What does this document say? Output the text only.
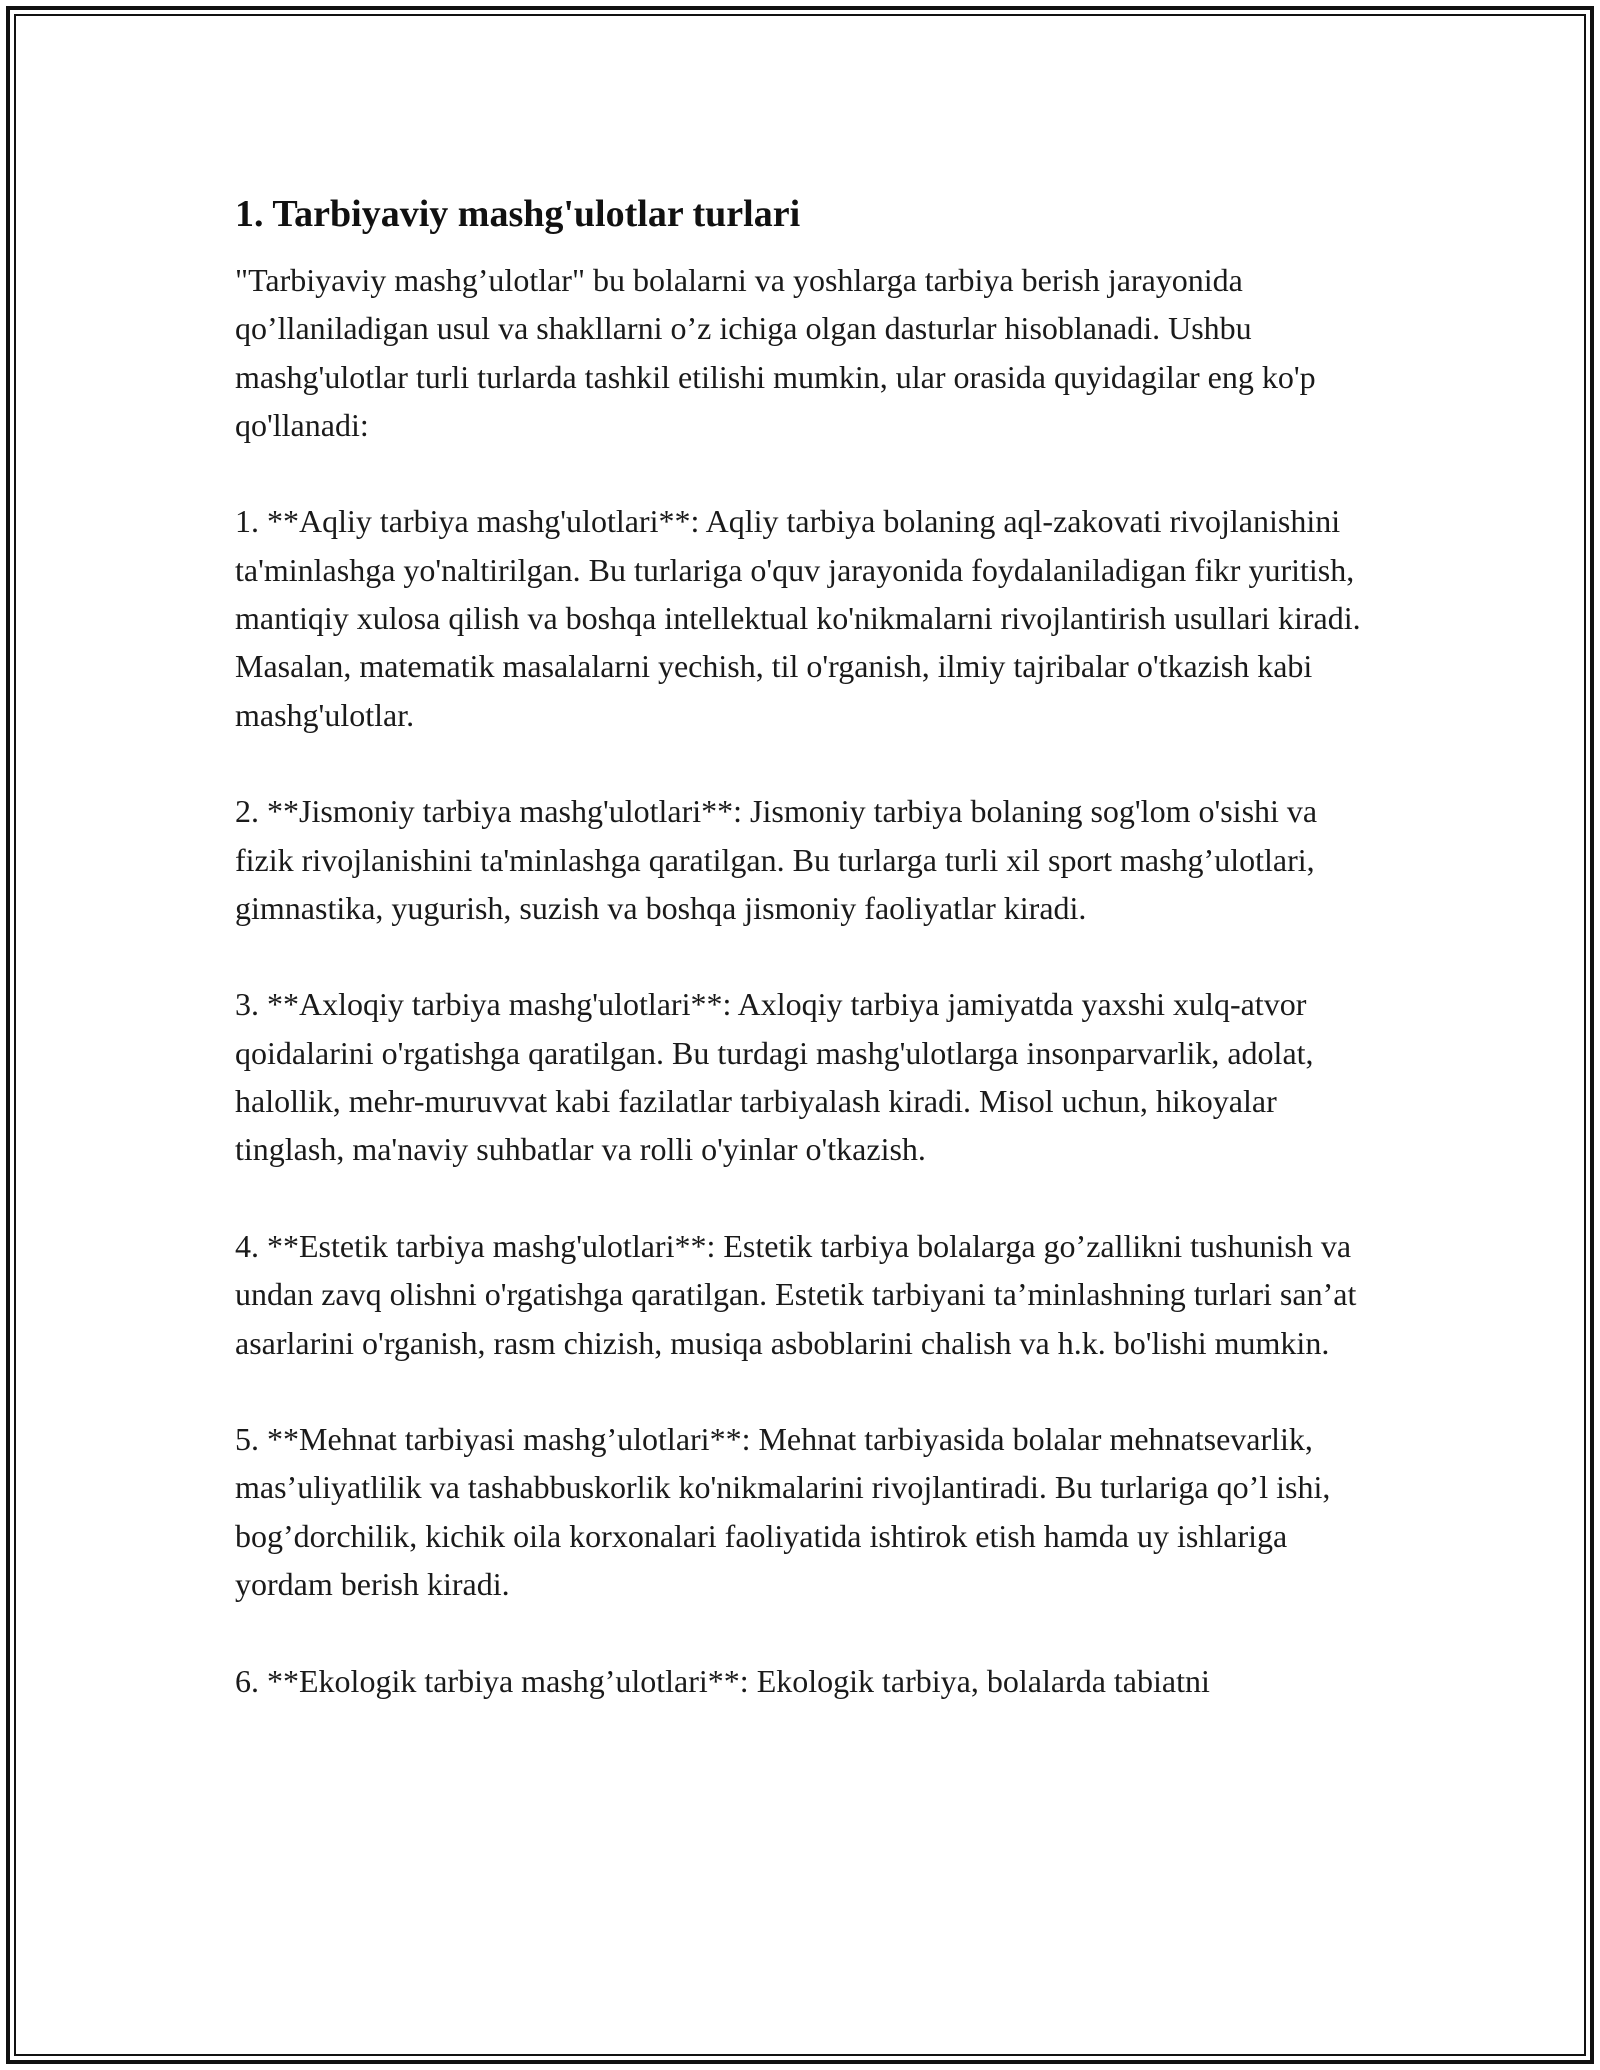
1. Tarbiyaviy mashg'ulotlar turlari

"Tarbiyaviy mashg’ulotlar" bu bolalarni va yoshlarga tarbiya berish jarayonida qo’llaniladigan usul va shakllarni o’z ichiga olgan dasturlar hisoblanadi. Ushbu mashg'ulotlar turli turlarda tashkil etilishi mumkin, ular orasida quyidagilar eng ko'p qo'llanadi:

1. **Aqliy tarbiya mashg'ulotlari**: Aqliy tarbiya bolaning aql-zakovati rivojlanishini ta'minlashga yo'naltirilgan. Bu turlariga o'quv jarayonida foydalaniladigan fikr yuritish, mantiqiy xulosa qilish va boshqa intellektual ko'nikmalarni rivojlantirish usullari kiradi. Masalan, matematik masalalarni yechish, til o'rganish, ilmiy tajribalar o'tkazish kabi mashg'ulotlar.

2. **Jismoniy tarbiya mashg'ulotlari**: Jismoniy tarbiya bolaning sog'lom o'sishi va fizik rivojlanishini ta'minlashga qaratilgan. Bu turlarga turli xil sport mashg’ulotlari, gimnastika, yugurish, suzish va boshqa jismoniy faoliyatlar kiradi.

3. **Axloqiy tarbiya mashg'ulotlari**: Axloqiy tarbiya jamiyatda yaxshi xulq-atvor qoidalarini o'rgatishga qaratilgan. Bu turdagi mashg'ulotlarga insonparvarlik, adolat, halollik, mehr-muruvvat kabi fazilatlar tarbiyalash kiradi. Misol uchun, hikoyalar tinglash, ma'naviy suhbatlar va rolli o'yinlar o'tkazish.

4. **Estetik tarbiya mashg'ulotlari**: Estetik tarbiya bolalarga go’zallikni tushunish va undan zavq olishni o'rgatishga qaratilgan. Estetik tarbiyani ta’minlashning turlari san’at asarlarini o'rganish, rasm chizish, musiqa asboblarini chalish va h.k. bo'lishi mumkin.

5. **Mehnat tarbiyasi mashg’ulotlari**: Mehnat tarbiyasida bolalar mehnatsevarlik, mas’uliyatlilik va tashabbuskorlik ko'nikmalarini rivojlantiradi. Bu turlariga qo’l ishi, bog’dorchilik, kichik oila korxonalari faoliyatida ishtirok etish hamda uy ishlariga yordam berish kiradi.

6. **Ekologik tarbiya mashg’ulotlari**: Ekologik tarbiya, bolalarda tabiatni
